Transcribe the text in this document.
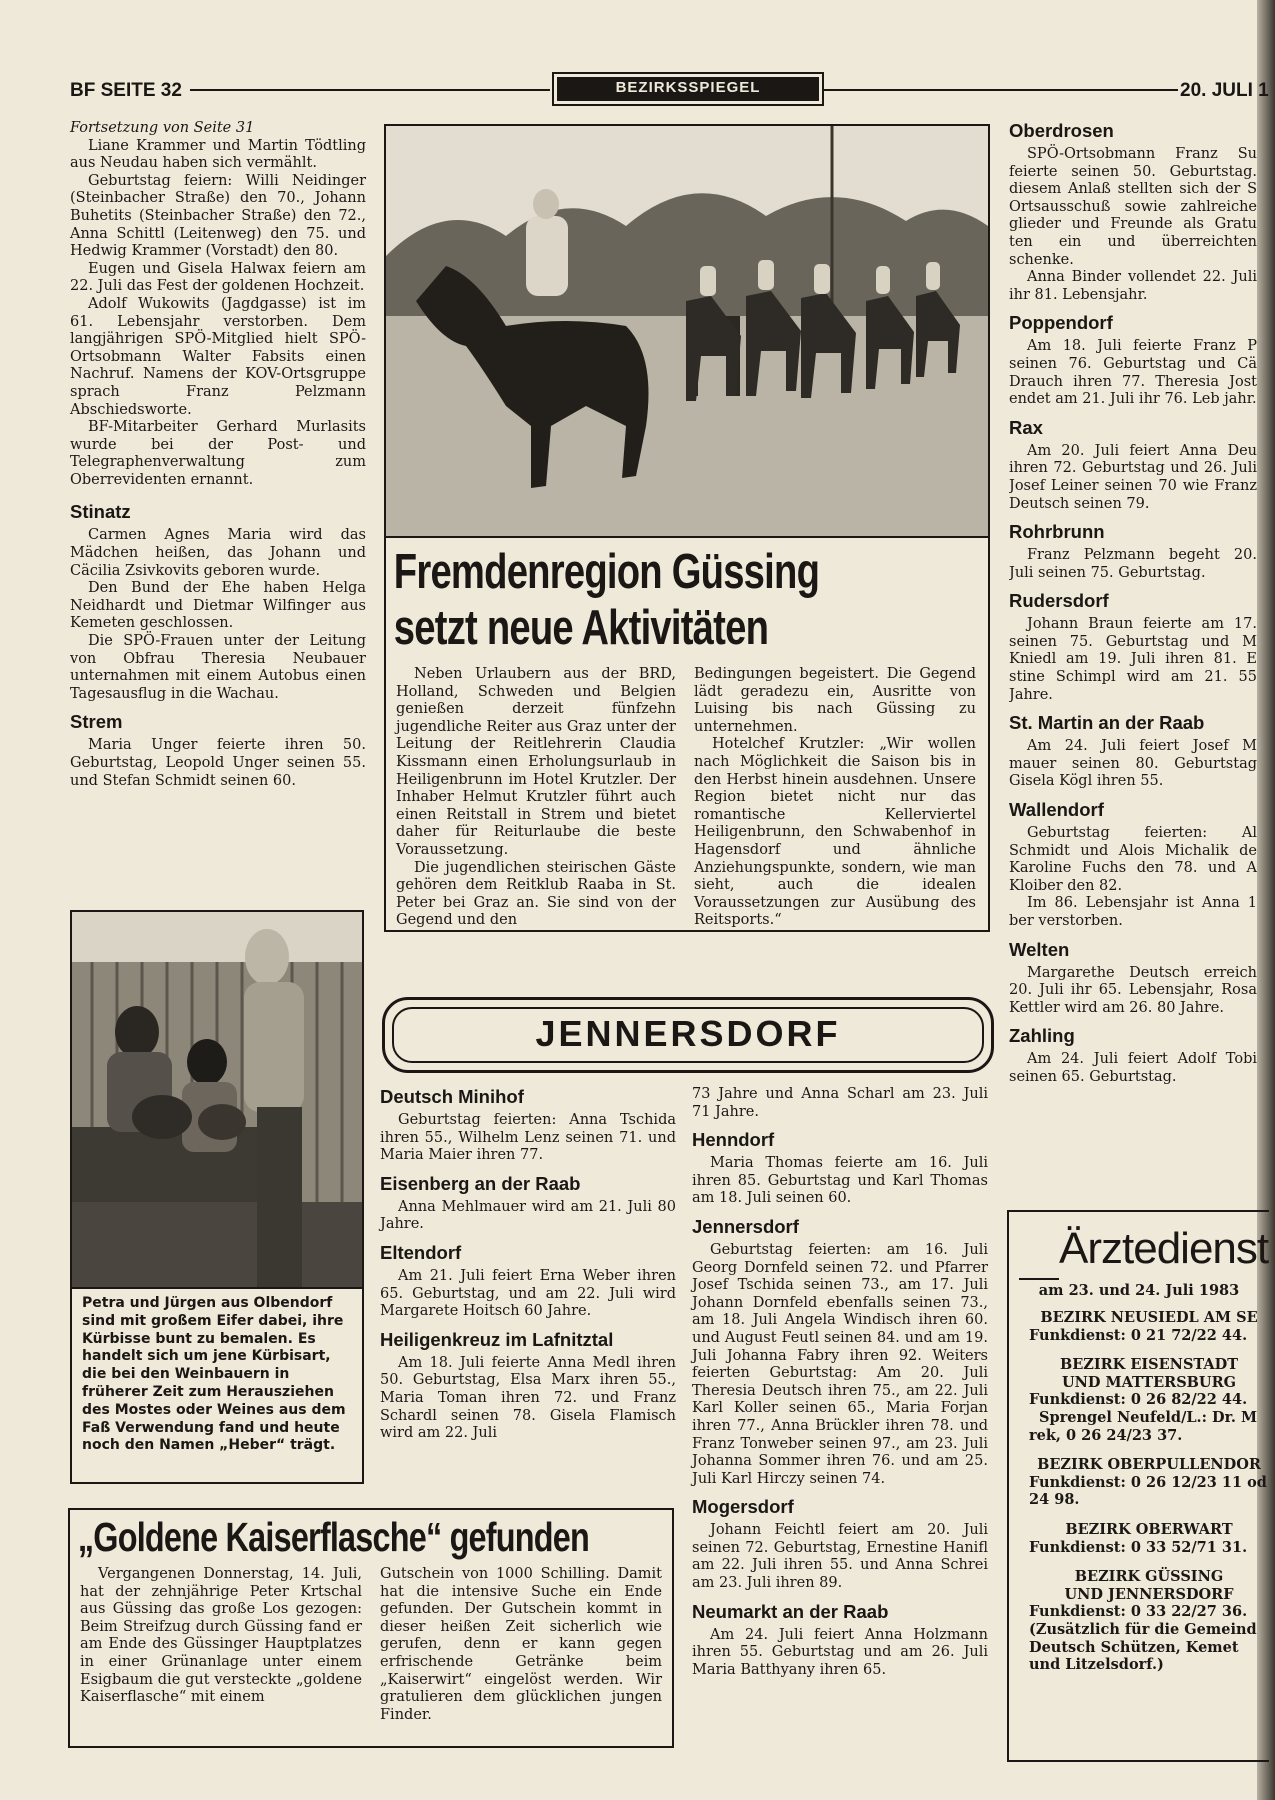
BF SEITE 32	BEZIRKSSPIEGEL	20. JULI 1
Fortsetzung von Seite 31

Liane Krammer und Martin Tödtling aus Neudau haben sich vermählt.

Geburtstag feiern: Willi Neidinger (Steinbacher Straße) den 70., Johann Buhetits (Steinbacher Straße) den 72., Anna Schittl (Leitenweg) den 75. und Hedwig Krammer (Vorstadt) den 80.

Eugen und Gisela Halwax feiern am 22. Juli das Fest der goldenen Hochzeit.

Adolf Wukowits (Jagdgasse) ist im 61. Lebensjahr verstorben. Dem langjährigen SPÖ-Mitglied hielt SPÖ-Ortsobmann Walter Fabsits einen Nachruf. Namens der KOV-Ortsgruppe sprach Franz Pelzmann Abschiedsworte.

BF-Mitarbeiter Gerhard Murlasits wurde bei der Post- und Telegraphenverwaltung zum Oberrevidenten ernannt.

Stinatz

Carmen Agnes Maria wird das Mädchen heißen, das Johann und Cäcilia Zsivkovits geboren wurde.

Den Bund der Ehe haben Helga Neidhardt und Dietmar Wilfinger aus Kemeten geschlossen.

Die SPÖ-Frauen unter der Leitung von Obfrau Theresia Neubauer unternahmen mit einem Autobus einen Tagesausflug in die Wachau.

Strem

Maria Unger feierte ihren 50. Geburtstag, Leopold Unger seinen 55. und Stefan Schmidt seinen 60.

Petra und Jürgen aus Olbendorf sind mit großem Eifer dabei, ihre Kürbisse bunt zu bemalen. Es handelt sich um jene Kürbisart, die bei den Weinbauern in früherer Zeit zum Herausziehen des Mostes oder Weines aus dem Faß Verwendung fand und heute noch den Namen „Heber“ trägt.
Fremdenregion Güssing
setzt neue Aktivitäten

Neben Urlaubern aus der BRD, Holland, Schweden und Belgien genießen derzeit fünfzehn jugendliche Reiter aus Graz unter der Leitung der Reitlehrerin Claudia Kissmann einen Erholungsurlaub in Heiligenbrunn im Hotel Krutzler. Der Inhaber Helmut Krutzler führt auch einen Reitstall in Strem und bietet daher für Reiturlaube die beste Voraussetzung.

Die jugendlichen steirischen Gäste gehören dem Reitklub Raaba in St. Peter bei Graz an. Sie sind von der Gegend und den

Bedingungen begeistert. Die Gegend lädt geradezu ein, Ausritte von Luising bis nach Güssing zu unternehmen.

Hotelchef Krutzler: „Wir wollen nach Möglichkeit die Saison bis in den Herbst hinein ausdehnen. Unsere Region bietet nicht nur das romantische Kellerviertel Heiligenbrunn, den Schwabenhof in Hagensdorf und ähnliche Anziehungspunkte, sondern, wie man sieht, auch die idealen Voraussetzungen zur Ausübung des Reitsports.“

JENNERSDORF
Deutsch Minihof

Geburtstag feierten: Anna Tschida ihren 55., Wilhelm Lenz seinen 71. und Maria Maier ihren 77.

Eisenberg an der Raab

Anna Mehlmauer wird am 21. Juli 80 Jahre.

Eltendorf

Am 21. Juli feiert Erna Weber ihren 65. Geburtstag, und am 22. Juli wird Margarete Hoitsch 60 Jahre.

Heiligenkreuz im Lafnitztal

Am 18. Juli feierte Anna Medl ihren 50. Geburtstag, Elsa Marx ihren 55., Maria Toman ihren 72. und Franz Schardl seinen 78. Gisela Flamisch wird am 22. Juli

73 Jahre und Anna Scharl am 23. Juli 71 Jahre.

Henndorf

Maria Thomas feierte am 16. Juli ihren 85. Geburtstag und Karl Thomas am 18. Juli seinen 60.

Jennersdorf

Geburtstag feierten: am 16. Juli Georg Dornfeld seinen 72. und Pfarrer Josef Tschida seinen 73., am 17. Juli Johann Dornfeld ebenfalls seinen 73., am 18. Juli Angela Windisch ihren 60. und August Feutl seinen 84. und am 19. Juli Johanna Fabry ihren 92. Weiters feierten Geburtstag: Am 20. Juli Theresia Deutsch ihren 75., am 22. Juli Karl Koller seinen 65., Maria Forjan ihren 77., Anna Brückler ihren 78. und Franz Tonweber seinen 97., am 23. Juli Johanna Sommer ihren 76. und am 25. Juli Karl Hirczy seinen 74.

Mogersdorf

Johann Feichtl feiert am 20. Juli seinen 72. Geburtstag, Ernestine Hanifl am 22. Juli ihren 55. und Anna Schrei am 23. Juli ihren 89.

Neumarkt an der Raab

Am 24. Juli feiert Anna Holzmann ihren 55. Geburtstag und am 26. Juli Maria Batthyany ihren 65.

„Goldene Kaiserflasche“ gefunden

Vergangenen Donnerstag, 14. Juli, hat der zehnjährige Peter Krtschal aus Güssing das große Los gezogen: Beim Streifzug durch Güssing fand er am Ende des Güssinger Hauptplatzes in einer Grünanlage unter einem Esigbaum die gut versteckte „goldene Kaiserflasche“ mit einem

Gutschein von 1000 Schilling. Damit hat die intensive Suche ein Ende gefunden. Der Gutschein kommt in dieser heißen Zeit sicherlich wie gerufen, denn er kann gegen erfrischende Getränke beim „Kaiserwirt“ eingelöst werden. Wir gratulieren dem glücklichen jungen Finder.

Oberdrosen

SPÖ-Ortsobmann Franz Su feierte seinen 50. Geburtstag. diesem Anlaß stellten sich der S Ortsausschuß sowie zahlreiche glieder und Freunde als Gratu ten ein und überreichten schenke.

Anna Binder vollendet 22. Juli ihr 81. Lebensjahr.

Poppendorf

Am 18. Juli feierte Franz P seinen 76. Geburtstag und Cä Drauch ihren 77. Theresia Jost endet am 21. Juli ihr 76. Leb jahr.

Rax

Am 20. Juli feiert Anna Deu ihren 72. Geburtstag und 26. Juli Josef Leiner seinen 70 wie Franz Deutsch seinen 79.

Rohrbrunn

Franz Pelzmann begeht 20. Juli seinen 75. Geburtstag.

Rudersdorf

Johann Braun feierte am 17. seinen 75. Geburtstag und M Kniedl am 19. Juli ihren 81. E stine Schimpl wird am 21. 55 Jahre.

St. Martin an der Raab

Am 24. Juli feiert Josef M mauer seinen 80. Geburtstag Gisela Kögl ihren 55.

Wallendorf

Geburtstag feierten: Al Schmidt und Alois Michalik de Karoline Fuchs den 78. und A Kloiber den 82.

Im 86. Lebensjahr ist Anna 1 ber verstorben.

Welten

Margarethe Deutsch erreich 20. Juli ihr 65. Lebensjahr, Rosa Kettler wird am 26. 80 Jahre.

Zahling

Am 24. Juli feiert Adolf Tobi seinen 65. Geburtstag.

Ärztedienst
am 23. und 24. Juli 1983
BEZIRK NEUSIEDL AM SE
Funkdienst: 0 21 72/22 44.
BEZIRK EISENSTADT
UND MATTERSBURG
Funkdienst: 0 26 82/22 44.
Sprengel Neufeld/L.: Dr. M rek, 0 26 24/23 37.
BEZIRK OBERPULLENDOR
Funkdienst: 0 26 12/23 11 od 24 98.
BEZIRK OBERWART
Funkdienst: 0 33 52/71 31.
BEZIRK GÜSSING
UND JENNERSDORF
Funkdienst: 0 33 22/27 36.
(Zusätzlich für die Gemeind Deutsch Schützen, Kemet und Litzelsdorf.)
